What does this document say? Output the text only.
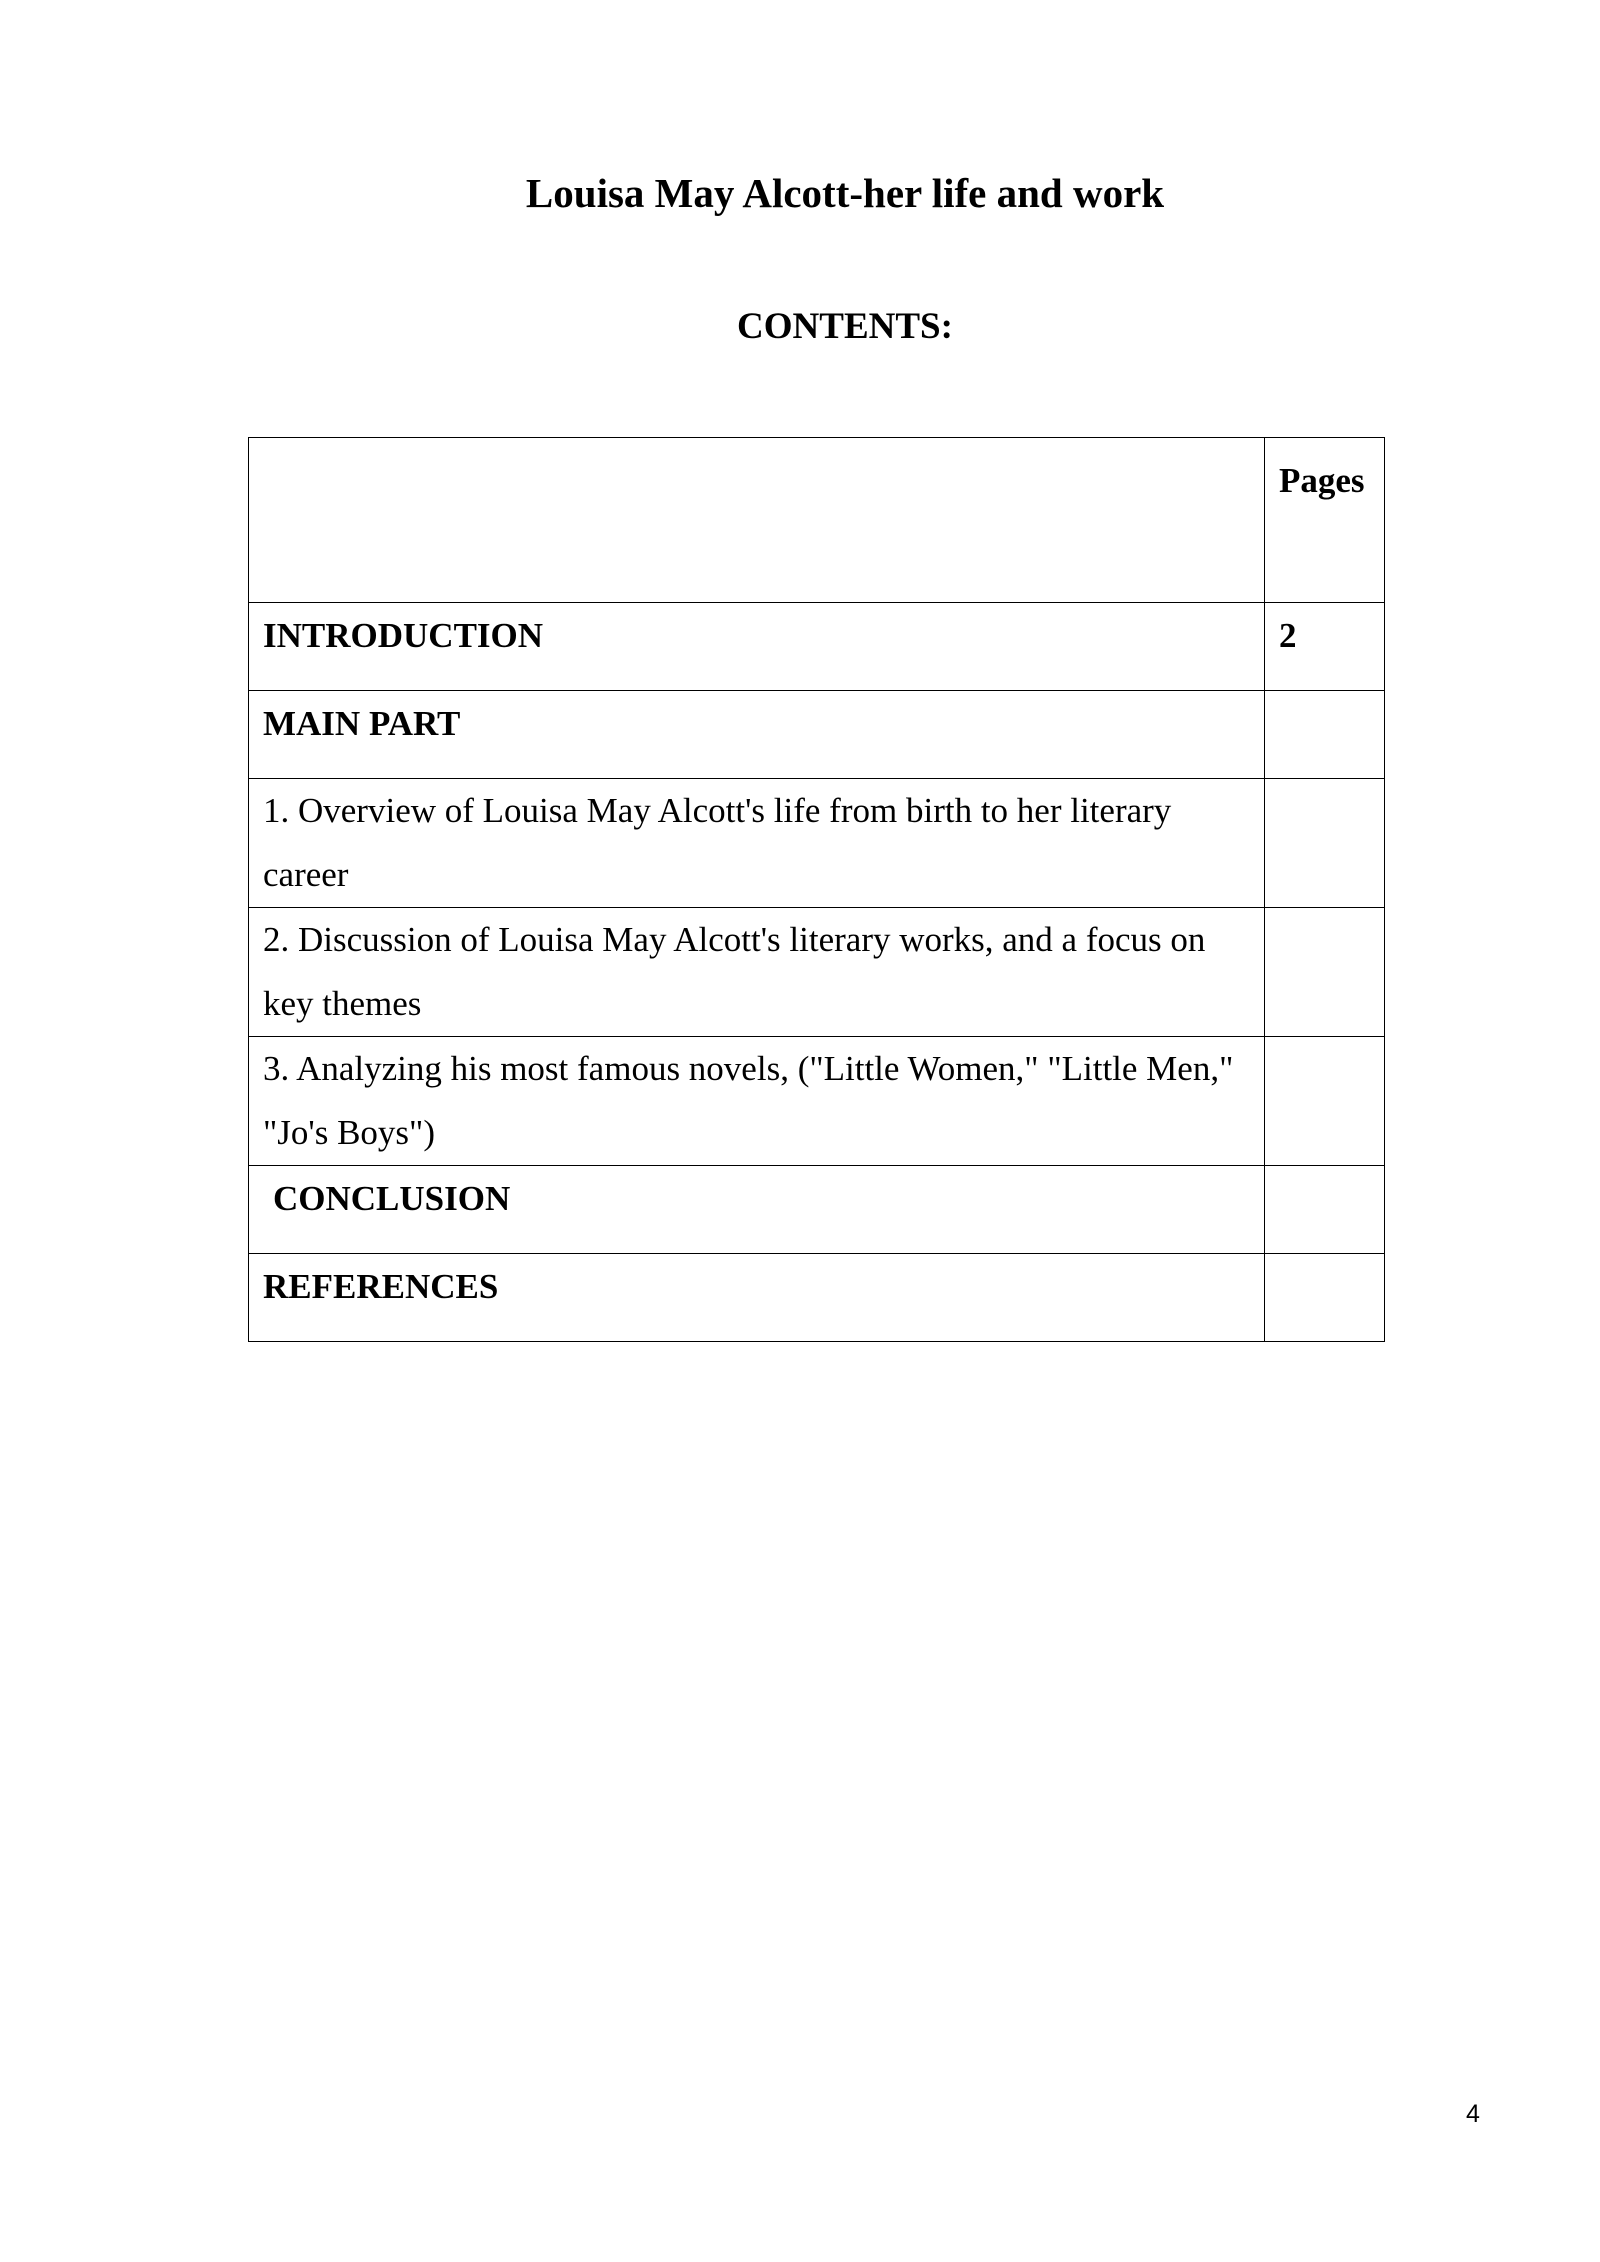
Louisa May Alcott-her life and work
CONTENTS:
	Pages
INTRODUCTION	2
MAIN PART	
1. Overview of Louisa May Alcott's life from birth to her literary career	
2. Discussion of Louisa May Alcott's literary works, and a focus on key themes	
3. Analyzing his most famous novels, ("Little Women," "Little Men," "Jo's Boys")	
CONCLUSION	
REFERENCES	
4
